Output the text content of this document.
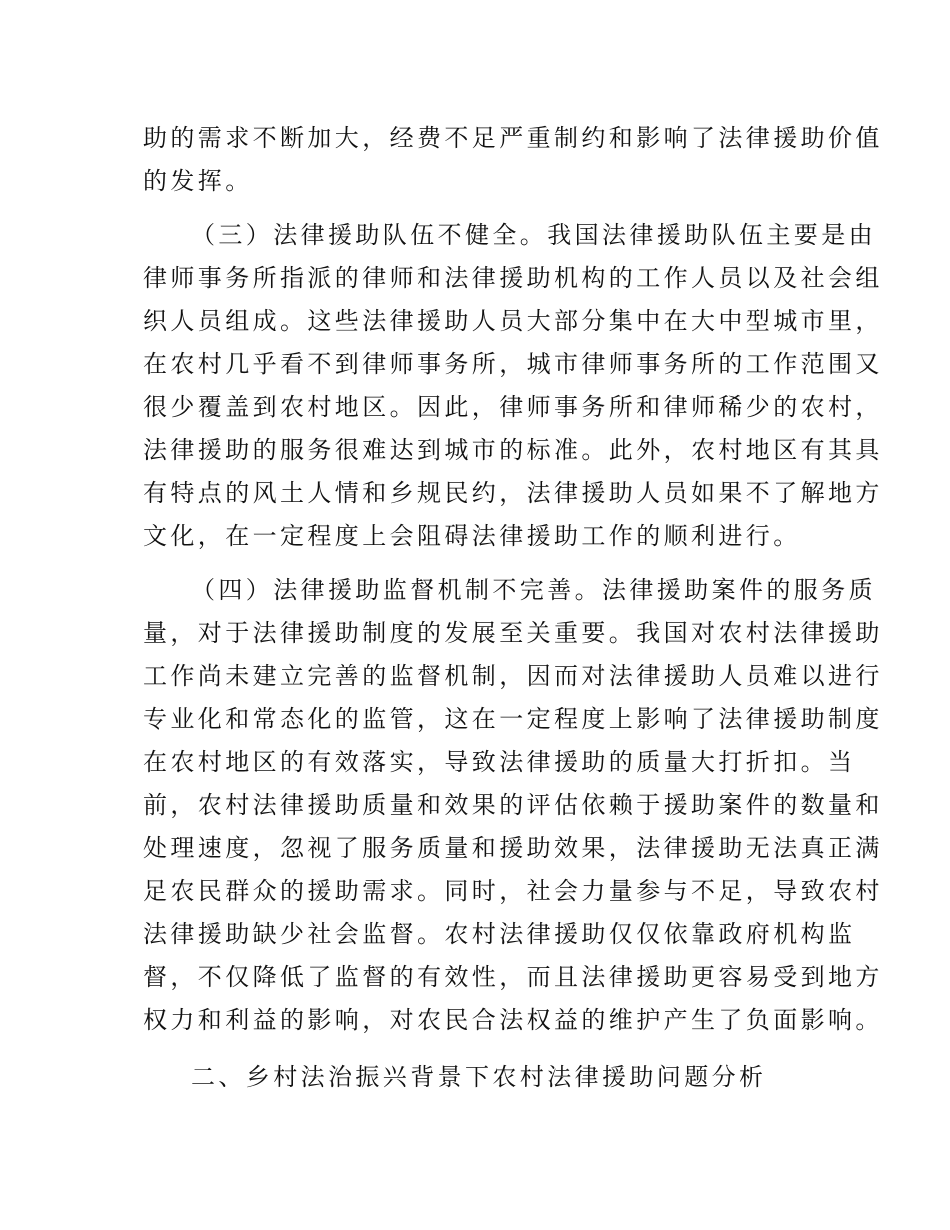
助的需求不断加大，经费不足严重制约和影响了法律援助价值
的发挥。
（三）法律援助队伍不健全。我国法律援助队伍主要是由
律师事务所指派的律师和法律援助机构的工作人员以及社会组
织人员组成。这些法律援助人员大部分集中在大中型城市里，
在农村几乎看不到律师事务所，城市律师事务所的工作范围又
很少覆盖到农村地区。因此，律师事务所和律师稀少的农村，
法律援助的服务很难达到城市的标准。此外，农村地区有其具
有特点的风土人情和乡规民约，法律援助人员如果不了解地方
文化，在一定程度上会阻碍法律援助工作的顺利进行。
（四）法律援助监督机制不完善。法律援助案件的服务质
量，对于法律援助制度的发展至关重要。我国对农村法律援助
工作尚未建立完善的监督机制，因而对法律援助人员难以进行
专业化和常态化的监管，这在一定程度上影响了法律援助制度
在农村地区的有效落实，导致法律援助的质量大打折扣。当
前，农村法律援助质量和效果的评估依赖于援助案件的数量和
处理速度，忽视了服务质量和援助效果，法律援助无法真正满
足农民群众的援助需求。同时，社会力量参与不足，导致农村
法律援助缺少社会监督。农村法律援助仅仅依靠政府机构监
督，不仅降低了监督的有效性，而且法律援助更容易受到地方
权力和利益的影响，对农民合法权益的维护产生了负面影响。
二、乡村法治振兴背景下农村法律援助问题分析
